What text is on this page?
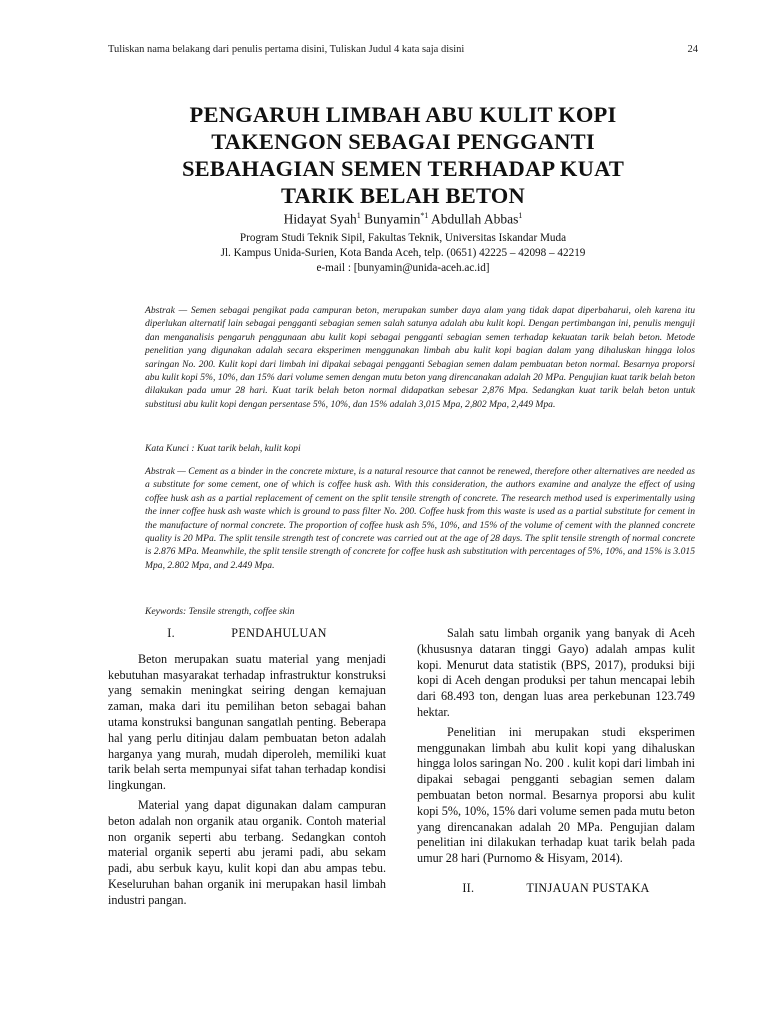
Tuliskan nama belakang dari penulis pertama disini, Tuliskan Judul 4 kata saja disini	24
PENGARUH LIMBAH ABU KULIT KOPI
TAKENGON SEBAGAI PENGGANTI
SEBAHAGIAN SEMEN TERHADAP KUAT
TARIK BELAH BETON
Hidayat Syah$^1$ Bunyamin$^{*1}$ Abdullah Abbas$^1$
Program Studi Teknik Sipil, Fakultas Teknik, Universitas Iskandar Muda
Jl. Kampus Unida-Surien, Kota Banda Aceh, telp. (0651) 42225 – 42098 – 42219
e-mail : [bunyamin@unida-aceh.ac.id]
Abstrak — Semen sebagai pengikat pada campuran beton, merupakan sumber daya alam yang tidak dapat diperbaharui, oleh karena itu diperlukan alternatif lain sebagai pengganti sebagian semen salah satunya adalah abu kulit kopi. Dengan pertimbangan ini, penulis menguji dan menganalisis pengaruh penggunaan abu kulit kopi sebagai pengganti sebagian semen terhadap kekuatan tarik belah beton. Metode penelitian yang digunakan adalah secara eksperimen menggunakan limbah abu kulit kopi bagian dalam yang dihaluskan hingga lolos saringan No. 200. Kulit kopi dari limbah ini dipakai sebagai pengganti Sebagian semen dalam pembuatan beton normal. Besarnya proporsi abu kulit kopi 5%, 10%, dan 15% dari volume semen dengan mutu beton yang direncanakan adalah 20 MPa. Pengujian kuat tarik belah beton dilakukan pada umur 28 hari. Kuat tarik belah beton normal didapatkan sebesar 2,876 Mpa. Sedangkan kuat tarik belah beton untuk substitusi abu kulit kopi dengan persentase 5%, 10%, dan 15% adalah 3,015 Mpa, 2,802 Mpa, 2,449 Mpa.
Kata Kunci : Kuat tarik belah, kulit kopi
Abstrak — Cement as a binder in the concrete mixture, is a natural resource that cannot be renewed, therefore other alternatives are needed as a substitute for some cement, one of which is coffee husk ash. With this consideration, the authors examine and analyze the effect of using coffee husk ash as a partial replacement of cement on the split tensile strength of concrete. The research method used is experimentally using the inner coffee husk ash waste which is ground to pass filter No. 200. Coffee husk from this waste is used as a partial substitute for cement in the manufacture of normal concrete. The proportion of coffee husk ash 5%, 10%, and 15% of the volume of cement with the planned concrete quality is 20 MPa. The split tensile strength test of concrete was carried out at the age of 28 days. The split tensile strength of normal concrete is 2.876 MPa. Meanwhile, the split tensile strength of concrete for coffee husk ash substitution with percentages of 5%, 10%, and 15% is 3.015 Mpa, 2.802 Mpa, and 2.449 Mpa.
Keywords: Tensile strength, coffee skin
I.	PENDAHULUAN

Beton merupakan suatu material yang menjadi kebutuhan masyarakat terhadap infrastruktur konstruksi yang semakin meningkat seiring dengan kemajuan zaman, maka dari itu pemilihan beton sebagai bahan utama konstruksi bangunan sangatlah penting. Beberapa hal yang perlu ditinjau dalam pembuatan beton adalah harganya yang murah, mudah diperoleh, memiliki kuat tarik belah serta mempunyai sifat tahan terhadap kondisi lingkungan.

Material yang dapat digunakan dalam campuran beton adalah non organik atau organik. Contoh material non organik seperti abu terbang. Sedangkan contoh material organik seperti abu jerami padi, abu sekam padi, abu serbuk kayu, kulit kopi dan abu ampas tebu. Keseluruhan bahan organik ini merupakan hasil limbah industri pangan.

Salah satu limbah organik yang banyak di Aceh (khususnya dataran tinggi Gayo) adalah ampas kulit kopi. Menurut data statistik (BPS, 2017), produksi biji kopi di Aceh dengan produksi per tahun mencapai lebih dari 68.493 ton, dengan luas area perkebunan 123.749 hektar.

Penelitian ini merupakan studi eksperimen menggunakan limbah abu kulit kopi yang dihaluskan hingga lolos saringan No. 200 . kulit kopi dari limbah ini dipakai sebagai pengganti sebagian semen dalam pembuatan beton normal. Besarnya proporsi abu kulit kopi 5%, 10%, 15% dari volume semen pada mutu beton yang direncanakan adalah 20 MPa. Pengujian dalam penelitian ini dilakukan terhadap kuat tarik belah pada umur 28 hari (Purnomo & Hisyam, 2014).

II.	TINJAUAN PUSTAKA
